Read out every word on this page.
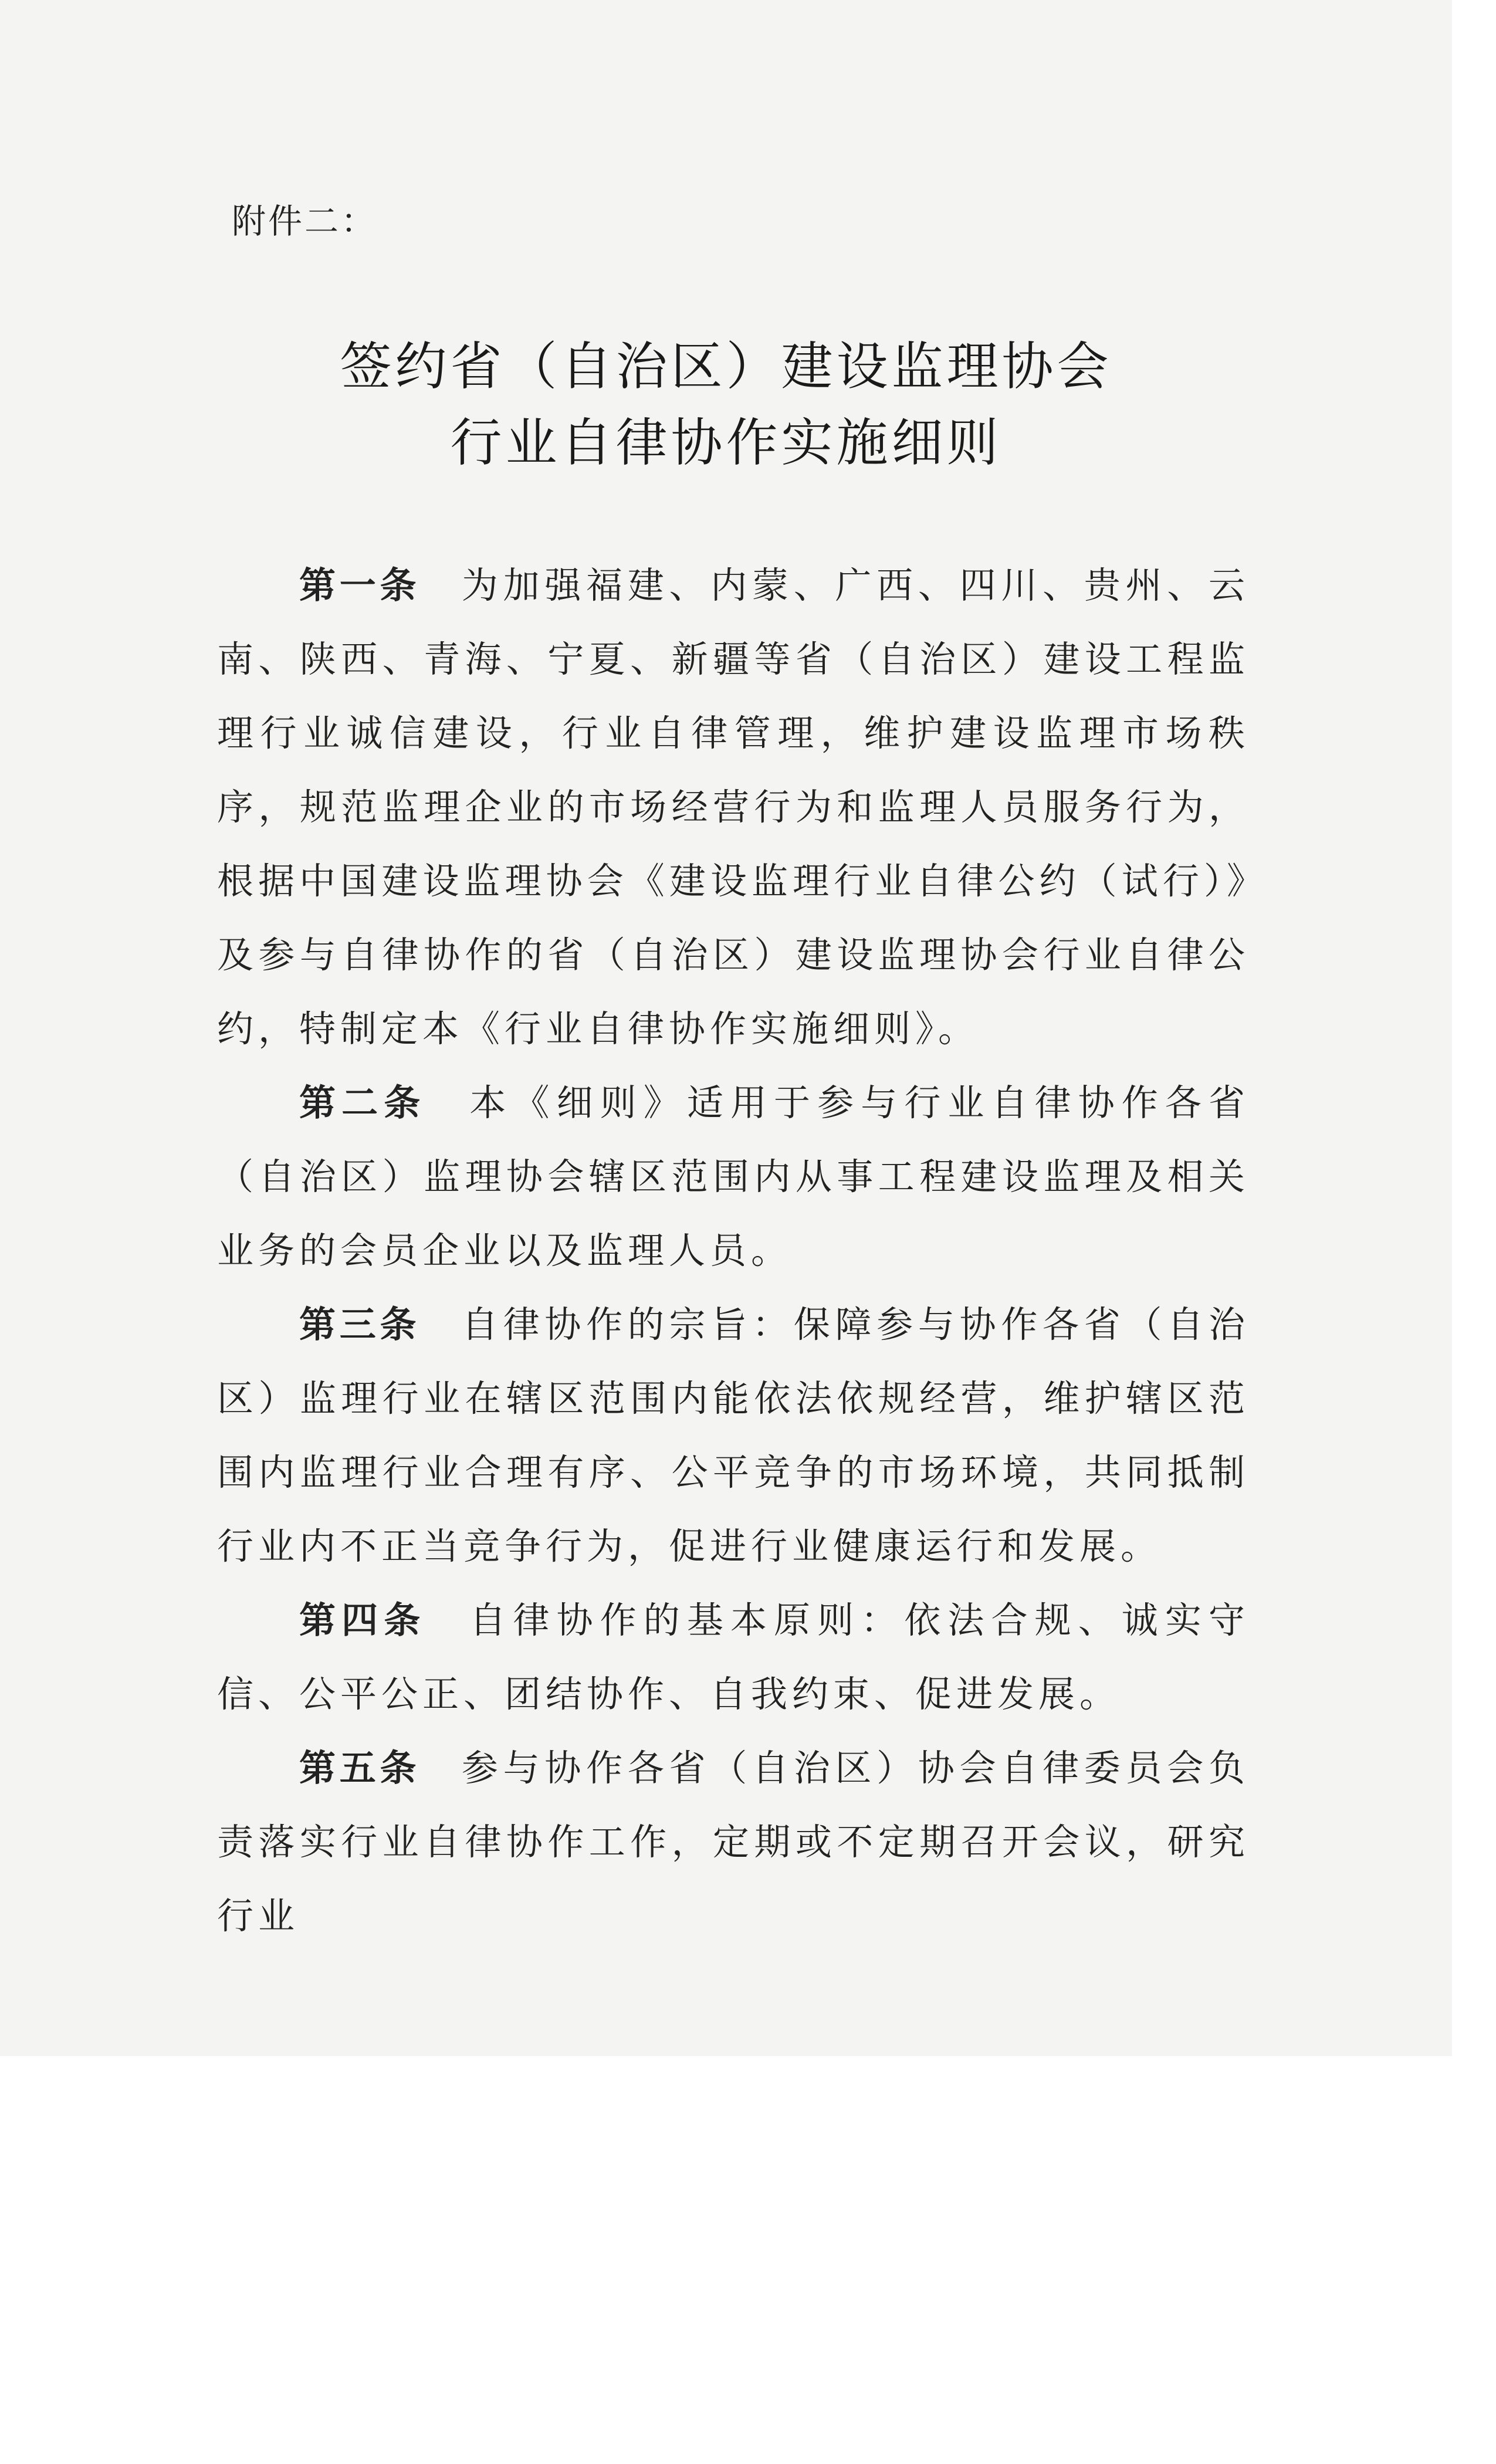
附件二：
签约省（自治区）建设监理协会
行业自律协作实施细则

第一条 为加强福建、内蒙、广西、四川、贵州、云南、陕西、青海、宁夏、新疆等省（自治区）建设工程监理行业诚信建设，行业自律管理，维护建设监理市场秩序，规范监理企业的市场经营行为和监理人员服务行为，根据中国建设监理协会《建设监理行业自律公约（试行）》及参与自律协作的省（自治区）建设监理协会行业自律公约，特制定本《行业自律协作实施细则》。

第二条 本《细则》适用于参与行业自律协作各省（自治区）监理协会辖区范围内从事工程建设监理及相关业务的会员企业以及监理人员。

第三条 自律协作的宗旨：保障参与协作各省（自治区）监理行业在辖区范围内能依法依规经营，维护辖区范围内监理行业合理有序、公平竞争的市场环境，共同抵制行业内不正当竞争行为，促进行业健康运行和发展。

第四条 自律协作的基本原则：依法合规、诚实守信、公平公正、团结协作、自我约束、促进发展。

第五条 参与协作各省（自治区）协会自律委员会负责落实行业自律协作工作，定期或不定期召开会议，研究行业
